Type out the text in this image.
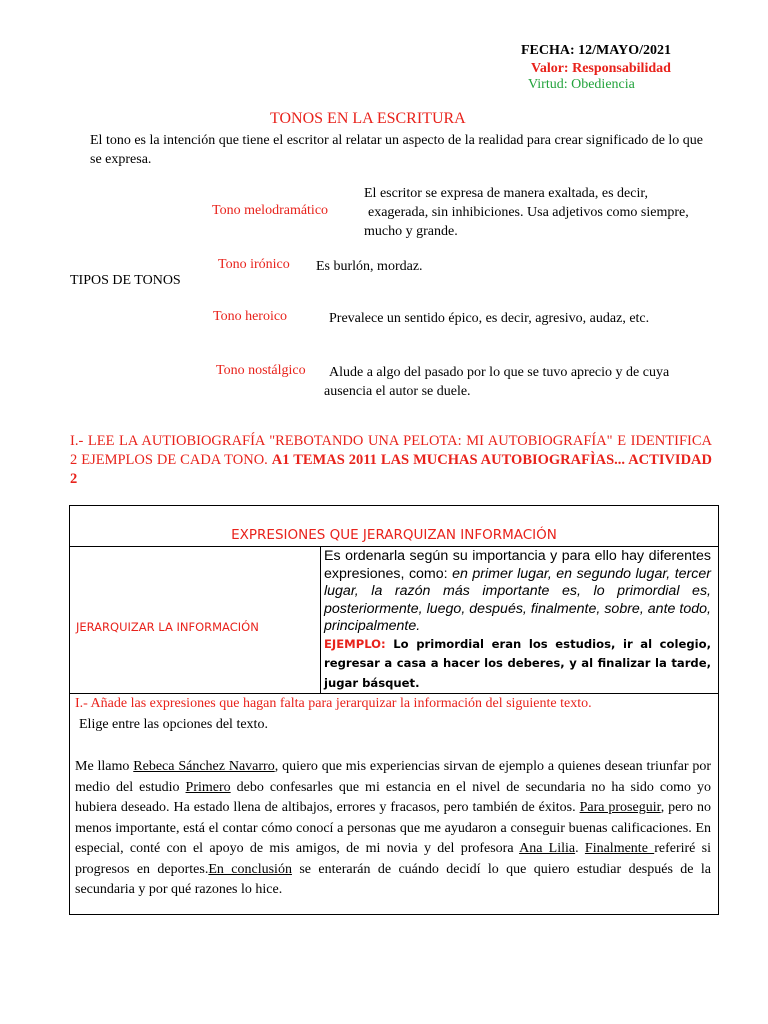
FECHA: 12/MAYO/2021
Valor: Responsabilidad
Virtud: Obediencia
TONOS EN LA ESCRITURA
El tono es la intención que tiene el escritor al relatar un aspecto de la realidad para crear significado de lo que se expresa.
Tono melodramático
El escritor se expresa de manera exaltada, es decir,
exagerada, sin inhibiciones. Usa adjetivos como siempre,
mucho y grande.
Tono irónico Es burlón, mordaz.
TIPOS DE TONOS
Tono heroico	Prevalece un sentido épico, es decir, agresivo, audaz, etc.
Tono nostálgico	Alude a algo del pasado por lo que se tuvo aprecio y de cuya
ausencia el autor se duele.
I.- LEE LA AUTIOBIOGRAFÍA "REBOTANDO UNA PELOTA: MI AUTOBIOGRAFÍA" E IDENTIFICA 2 EJEMPLOS DE CADA TONO. A1 TEMAS 2011 LAS MUCHAS AUTOBIOGRAFÌAS... ACTIVIDAD 2
EXPRESIONES QUE JERARQUIZAN INFORMACIÓN
JERARQUIZAR LA INFORMACIÓN
Es ordenarla según su importancia y para ello hay diferentes expresiones, como: en primer lugar, en segundo lugar, tercer lugar, la razón más importante es, lo primordial es, posteriormente, luego, después, finalmente, sobre, ante todo, principalmente.
EJEMPLO: Lo primordial eran los estudios, ir al colegio, regresar a casa a hacer los deberes, y al finalizar la tarde, jugar básquet.
I.- Añade las expresiones que hagan falta para jerarquizar la información del siguiente texto.
Elige entre las opciones del texto.
Me llamo Rebeca Sánchez Navarro, quiero que mis experiencias sirvan de ejemplo a quienes desean triunfar por medio del estudio Primero debo confesarles que mi estancia en el nivel de secundaria no ha sido como yo hubiera deseado. Ha estado llena de altibajos, errores y fracasos, pero también de éxitos. Para proseguir, pero no menos importante, está el contar cómo conocí a personas que me ayudaron a conseguir buenas calificaciones. En especial, conté con el apoyo de mis amigos, de mi novia y del profesora Ana Lilia. Finalmente referiré si progresos en deportes.En conclusión se enterarán de cuándo decidí lo que quiero estudiar después de la secundaria y por qué razones lo hice.
